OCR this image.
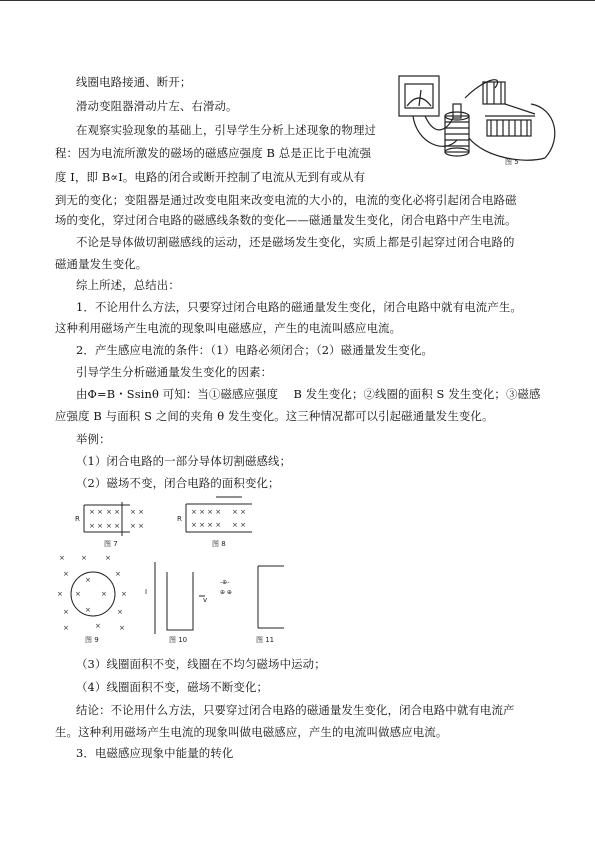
线圈电路接通、断开；
滑动变阻器滑动片左、右滑动。
在观察实验现象的基础上，引导学生分析上述现象的物理过
程：因为电流所激发的磁场的磁感应强度 B 总是正比于电流强
度 I，即 B∝I。电路的闭合或断开控制了电流从无到有或从有
到无的变化；变阻器是通过改变电阻来改变电流的大小的，电流的变化必将引起闭合电路磁
场的变化，穿过闭合电路的磁感线条数的变化——磁通量发生变化，闭合电路中产生电流。
不论是导体做切割磁感线的运动，还是磁场发生变化，实质上都是引起穿过闭合电路的
磁通量发生变化。
综上所述，总结出：
1．不论用什么方法，只要穿过闭合电路的磁通量发生变化，闭合电路中就有电流产生。
这种利用磁场产生电流的现象叫电磁感应，产生的电流叫感应电流。
2．产生感应电流的条件：（1）电路必须闭合；（2）磁通量发生变化。
引导学生分析磁通量发生变化的因素：
由Φ=B・Ssinθ 可知：当①磁感应强度　 B 发生变化；②线圈的面积 S 发生变化；③磁感
应强度 B 与面积 S 之间的夹角 θ 发生变化。这三种情况都可以引起磁通量发生变化。
举例：
（1）闭合电路的一部分导体切割磁感线；
（2）磁场不变，闭合电路的面积变化；
（3）线圈面积不变，线圈在不均匀磁场中运动；
（4）线圈面积不变，磁场不断变化；
结论：不论用什么方法，只要穿过闭合电路的磁通量发生变化，闭合电路中就有电流产
生。这种利用磁场产生电流的现象叫做电磁感应，产生的电流叫做感应电流。
3．电磁感应现象中能量的转化
图 5
× × × × × ×
× × × × × ×
R
图 7
× × × × × ×
× × × × × ×
R
图 8
× ×	×
×
×
×
× ×	× ×
× ×	×
×	×	×
图 9
I
v
图 10
-⊕-
⊕ ⊕
图 11
